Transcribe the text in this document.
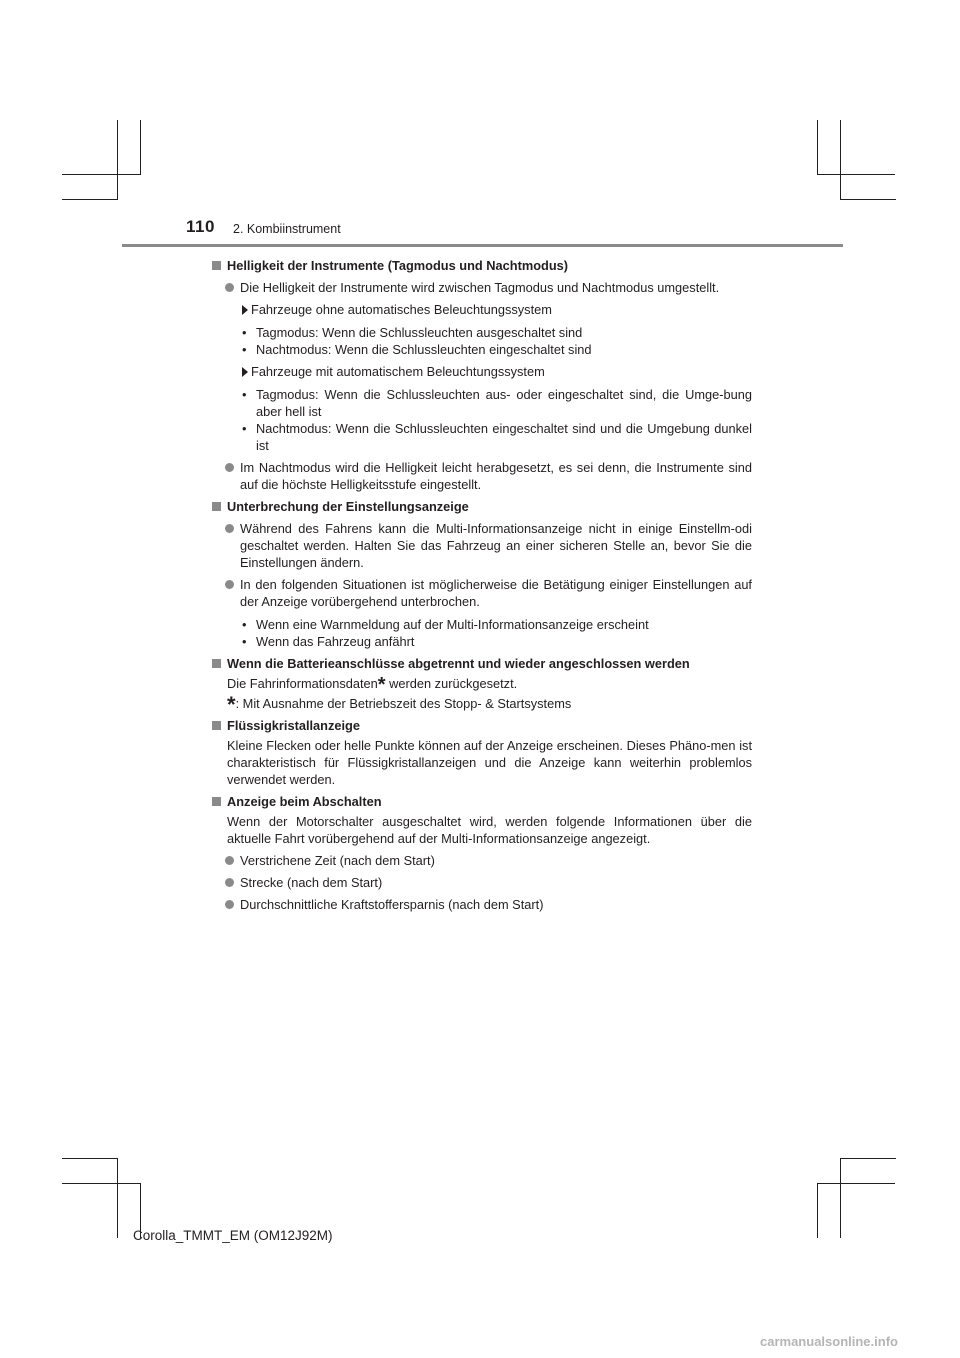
110 2. Kombiinstrument
Helligkeit der Instrumente (Tagmodus und Nachtmodus)
Die Helligkeit der Instrumente wird zwischen Tagmodus und Nachtmodus umgestellt.
Fahrzeuge ohne automatisches Beleuchtungssystem
• Tagmodus: Wenn die Schlussleuchten ausgeschaltet sind
• Nachtmodus: Wenn die Schlussleuchten eingeschaltet sind
Fahrzeuge mit automatischem Beleuchtungssystem
• Tagmodus: Wenn die Schlussleuchten aus- oder eingeschaltet sind, die Umge-bung aber hell ist
• Nachtmodus: Wenn die Schlussleuchten eingeschaltet sind und die Umgebung dunkel ist
Im Nachtmodus wird die Helligkeit leicht herabgesetzt, es sei denn, die Instrumente sind auf die höchste Helligkeitsstufe eingestellt.
Unterbrechung der Einstellungsanzeige
Während des Fahrens kann die Multi-Informationsanzeige nicht in einige Einstellm-odi geschaltet werden. Halten Sie das Fahrzeug an einer sicheren Stelle an, bevor Sie die Einstellungen ändern.
In den folgenden Situationen ist möglicherweise die Betätigung einiger Einstellungen auf der Anzeige vorübergehend unterbrochen.
• Wenn eine Warnmeldung auf der Multi-Informationsanzeige erscheint
• Wenn das Fahrzeug anfährt
Wenn die Batterieanschlüsse abgetrennt und wieder angeschlossen werden
Die Fahrinformationsdaten* werden zurückgesetzt.
*: Mit Ausnahme der Betriebszeit des Stopp- & Startsystems
Flüssigkristallanzeige
Kleine Flecken oder helle Punkte können auf der Anzeige erscheinen. Dieses Phäno-men ist charakteristisch für Flüssigkristallanzeigen und die Anzeige kann weiterhin problemlos verwendet werden.
Anzeige beim Abschalten
Wenn der Motorschalter ausgeschaltet wird, werden folgende Informationen über die aktuelle Fahrt vorübergehend auf der Multi-Informationsanzeige angezeigt.
Verstrichene Zeit (nach dem Start)
Strecke (nach dem Start)
Durchschnittliche Kraftstoffersparnis (nach dem Start)
Corolla_TMMT_EM (OM12J92M)
carmanualsonline.info
